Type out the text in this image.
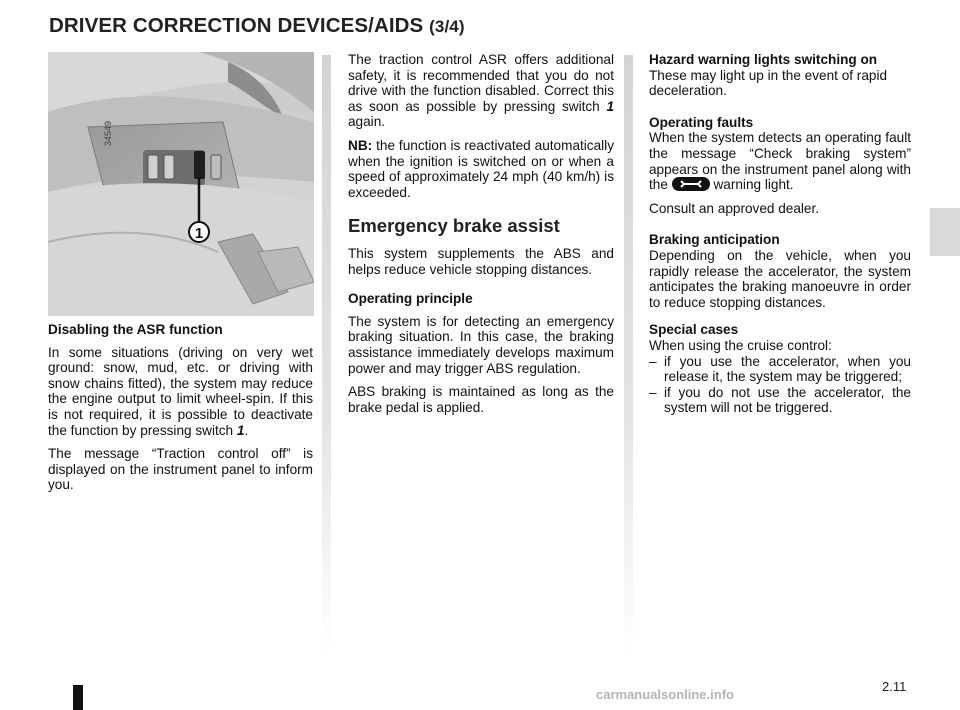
DRIVER CORRECTION DEVICES/AIDS (3/4)
1
34549

Disabling the ASR function

In some situations (driving on very wet ground: snow, mud, etc. or driving with snow chains fitted), the system may reduce the engine output to limit wheel-spin. If this is not required, it is possible to deactivate the function by pressing switch 1.

The message “Traction control off” is displayed on the instrument panel to inform you.

The traction control ASR offers additional safety, it is recommended that you do not drive with the function disabled. Correct this as soon as possible by pressing switch 1 again.

NB: the function is reactivated automatically when the ignition is switched on or when a speed of approximately 24 mph (40 km/h) is exceeded.

Emergency brake assist

This system supplements the ABS and helps reduce vehicle stopping distances.

Operating principle

The system is for detecting an emergency braking situation. In this case, the braking assistance immediately develops maximum power and may trigger ABS regulation.

ABS braking is maintained as long as the brake pedal is applied.

Hazard warning lights switching on

These may light up in the event of rapid deceleration.

Operating faults

When the system detects an operating fault the message “Check braking system” appears on the instrument panel along with the	warning light.

Consult an approved dealer.

Braking anticipation

Depending on the vehicle, when you rapidly release the accelerator, the system anticipates the braking manoeuvre in order to reduce stopping distances.

Special cases

When using the cruise control:

– if you use the accelerator, when you release it, the system may be triggered;
– if you do not use the accelerator, the system will not be triggered.
2.11
carmanualsonline.info
